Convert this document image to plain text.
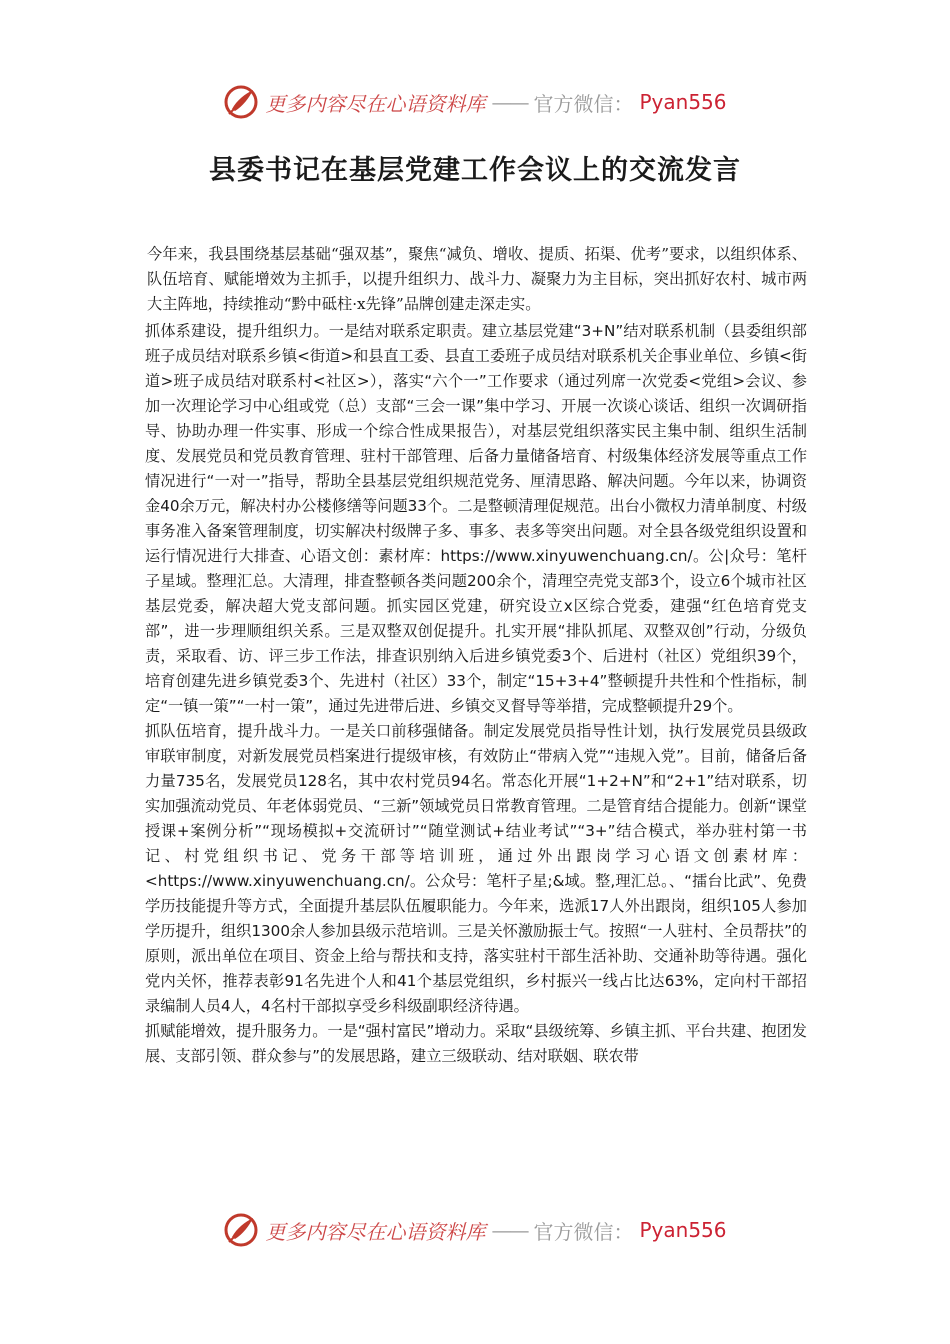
更多内容尽在心语资料库 —— 官方微信： Pyan556
县委书记在基层党建工作会议上的交流发言

今年来，我县围绕基层基础“强双基”，聚焦“减负、增收、提质、拓渠、优考”要求，以组织体系、队伍培育、赋能增效为主抓手，以提升组织力、战斗力、凝聚力为主目标，突出抓好农村、城市两大主阵地，持续推动“黔中砥柱·x先锋”品牌创建走深走实。

抓体系建设，提升组织力。一是结对联系定职责。建立基层党建“3+N”结对联系机制（县委组织部班子成员结对联系乡镇<街道>和县直工委、县直工委班子成员结对联系机关企事业单位、乡镇<街道>班子成员结对联系村<社区>），落实“六个一”工作要求（通过列席一次党委<党组>会议、参加一次理论学习中心组或党（总）支部“三会一课”集中学习、开展一次谈心谈话、组织一次调研指导、协助办理一件实事、形成一个综合性成果报告），对基层党组织落实民主集中制、组织生活制度、发展党员和党员教育管理、驻村干部管理、后备力量储备培育、村级集体经济发展等重点工作情况进行“一对一”指导，帮助全县基层党组织规范党务、厘清思路、解决问题。今年以来，协调资金40余万元，解决村办公楼修缮等问题33个。二是整顿清理促规范。出台小微权力清单制度、村级事务准入备案管理制度，切实解决村级牌子多、事多、表多等突出问题。对全县各级党组织设置和运行情况进行大排查、心语文创：素材库：https://www.xinyuwenchuang.cn/。公|众号：笔杆子星域。整理汇总。大清理，排查整顿各类问题200余个，清理空壳党支部3个，设立6个城市社区基层党委，解决超大党支部问题。抓实园区党建，研究设立x区综合党委，建强“红色培育党支部”，进一步理顺组织关系。三是双整双创促提升。扎实开展“排队抓尾、双整双创”行动，分级负责，采取看、访、评三步工作法，排查识别纳入后进乡镇党委3个、后进村（社区）党组织39个，培育创建先进乡镇党委3个、先进村（社区）33个，制定“15+3+4”整顿提升共性和个性指标，制定“一镇一策”“一村一策”，通过先进带后进、乡镇交叉督导等举措，完成整顿提升29个。

抓队伍培育，提升战斗力。一是关口前移强储备。制定发展党员指导性计划，执行发展党员县级政审联审制度，对新发展党员档案进行提级审核，有效防止“带病入党”“违规入党”。目前，储备后备力量735名，发展党员128名，其中农村党员94名。常态化开展“1+2+N”和“2+1”结对联系，切实加强流动党员、年老体弱党员、“三新”领域党员日常教育管理。二是管育结合提能力。创新“课堂授课+案例分析”“现场模拟+交流研讨”“随堂测试+结业考试”“3+”结合模式，举办驻村第一书记、村党组织书记、党务干部等培训班，通过外出跟岗学习心语文创素材库：<https://www.xinyuwenchuang.cn/。公众号：笔杆子星;&域。整,理汇总。、“擂台比武”、免费学历技能提升等方式，全面提升基层队伍履职能力。今年来，选派17人外出跟岗，组织105人参加学历提升，组织1300余人参加县级示范培训。三是关怀激励振士气。按照“一人驻村、全员帮扶”的原则，派出单位在项目、资金上给与帮扶和支持，落实驻村干部生活补助、交通补助等待遇。强化党内关怀，推荐表彰91名先进个人和41个基层党组织，乡村振兴一线占比达63%，定向村干部招录编制人员4人，4名村干部拟享受乡科级副职经济待遇。

抓赋能增效，提升服务力。一是“强村富民”增动力。采取“县级统筹、乡镇主抓、平台共建、抱团发展、支部引领、群众参与”的发展思路，建立三级联动、结对联姻、联农带

更多内容尽在心语资料库 —— 官方微信： Pyan556
